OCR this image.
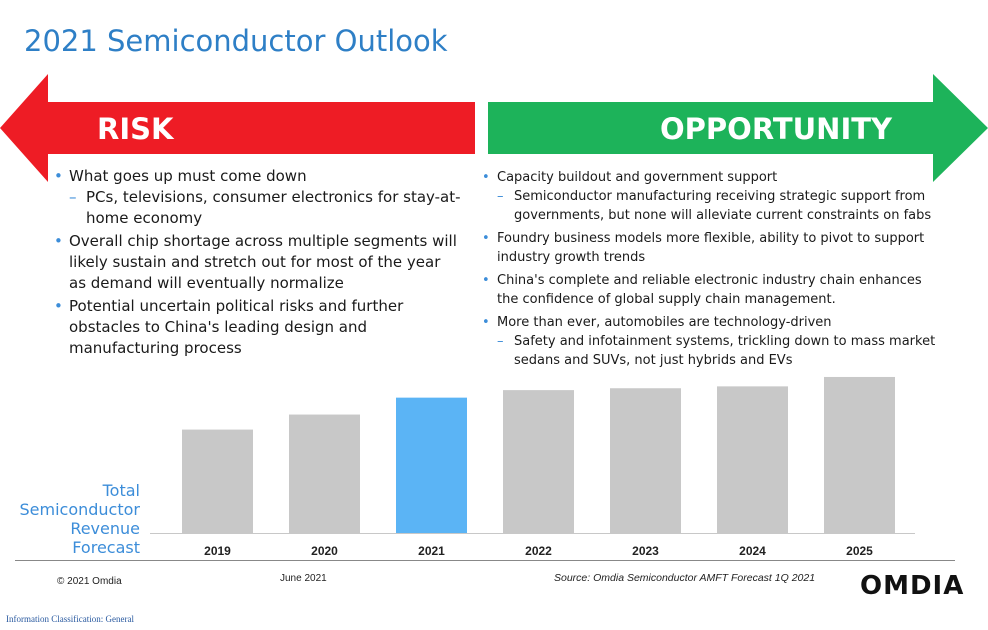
2021 Semiconductor Outlook
RISK	OPPORTUNITY
• What goes up must come down
– PCs, televisions, consumer electronics for stay-at-home economy
• Overall chip shortage across multiple segments will likely sustain and stretch out for most of the year as demand will eventually normalize
• Potential uncertain political risks and further obstacles to China's leading design and manufacturing process
• Capacity buildout and government support
– Semiconductor manufacturing receiving strategic support from governments, but none will alleviate current constraints on fabs
• Foundry business models more flexible, ability to pivot to support industry growth trends
• China's complete and reliable electronic industry chain enhances the confidence of global supply chain management.
• More than ever, automobiles are technology-driven
– Safety and infotainment systems, trickling down to mass market sedans and SUVs, not just hybrids and EVs
Total Semiconductor Revenue Forecast	2019	2020	2021	2022	2023	2024	2025
© 2021 Omdia	June 2021	Source: Omdia Semiconductor AMFT Forecast 1Q 2021 OMDIA
Information Classification: General
